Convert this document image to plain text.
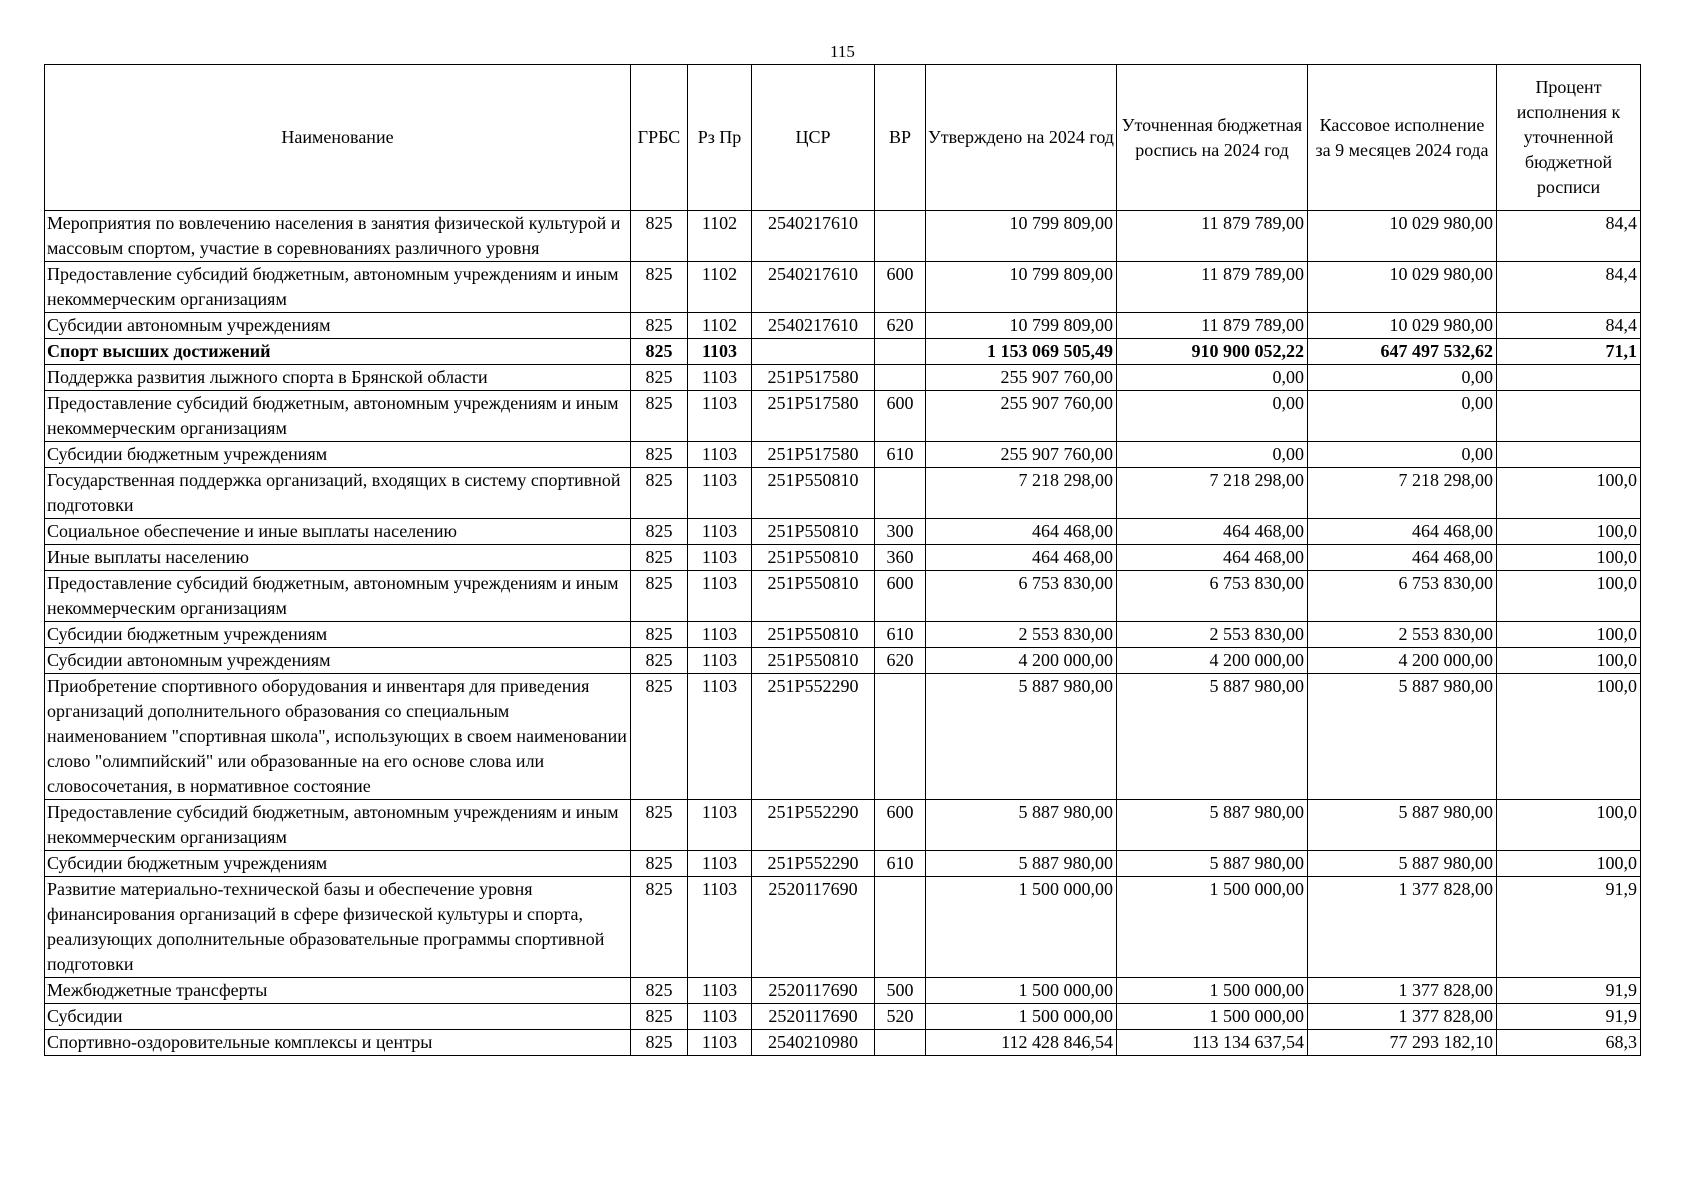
115
Наименование	ГРБС	Рз Пр	ЦСР	ВР	Утверждено на 2024 год	Уточненная бюджетная роспись на 2024 год	Кассовое исполнение за 9 месяцев 2024 года	Процент исполнения к уточненной бюджетной росписи
Мероприятия по вовлечению населения в занятия физической культурой и массовым спортом, участие в соревнованиях различного уровня	825	1102	2540217610		10 799 809,00	11 879 789,00	10 029 980,00	84,4
Предоставление субсидий бюджетным, автономным учреждениям и иным некоммерческим организациям	825	1102	2540217610	600	10 799 809,00	11 879 789,00	10 029 980,00	84,4
Субсидии автономным учреждениям	825	1102	2540217610	620	10 799 809,00	11 879 789,00	10 029 980,00	84,4
Спорт высших достижений	825	1103			1 153 069 505,49	910 900 052,22	647 497 532,62	71,1
Поддержка развития лыжного спорта в Брянской области	825	1103	251P517580		255 907 760,00	0,00	0,00	
Предоставление субсидий бюджетным, автономным учреждениям и иным некоммерческим организациям	825	1103	251P517580	600	255 907 760,00	0,00	0,00	
Субсидии бюджетным учреждениям	825	1103	251P517580	610	255 907 760,00	0,00	0,00	
Государственная поддержка организаций, входящих в систему спортивной подготовки	825	1103	251P550810		7 218 298,00	7 218 298,00	7 218 298,00	100,0
Социальное обеспечение и иные выплаты населению	825	1103	251P550810	300	464 468,00	464 468,00	464 468,00	100,0
Иные выплаты населению	825	1103	251P550810	360	464 468,00	464 468,00	464 468,00	100,0
Предоставление субсидий бюджетным, автономным учреждениям и иным некоммерческим организациям	825	1103	251P550810	600	6 753 830,00	6 753 830,00	6 753 830,00	100,0
Субсидии бюджетным учреждениям	825	1103	251P550810	610	2 553 830,00	2 553 830,00	2 553 830,00	100,0
Субсидии автономным учреждениям	825	1103	251P550810	620	4 200 000,00	4 200 000,00	4 200 000,00	100,0
Приобретение спортивного оборудования и инвентаря для приведения организаций дополнительного образования со специальным наименованием "спортивная школа", использующих в своем наименовании слово "олимпийский" или образованные на его основе слова или словосочетания, в нормативное состояние	825	1103	251P552290		5 887 980,00	5 887 980,00	5 887 980,00	100,0
Предоставление субсидий бюджетным, автономным учреждениям и иным некоммерческим организациям	825	1103	251P552290	600	5 887 980,00	5 887 980,00	5 887 980,00	100,0
Субсидии бюджетным учреждениям	825	1103	251P552290	610	5 887 980,00	5 887 980,00	5 887 980,00	100,0
Развитие материально-технической базы и обеспечение уровня финансирования организаций в сфере физической культуры и спорта, реализующих дополнительные образовательные программы спортивной подготовки	825	1103	2520117690		1 500 000,00	1 500 000,00	1 377 828,00	91,9
Межбюджетные трансферты	825	1103	2520117690	500	1 500 000,00	1 500 000,00	1 377 828,00	91,9
Субсидии	825	1103	2520117690	520	1 500 000,00	1 500 000,00	1 377 828,00	91,9
Спортивно-оздоровительные комплексы и центры	825	1103	2540210980		112 428 846,54	113 134 637,54	77 293 182,10	68,3
